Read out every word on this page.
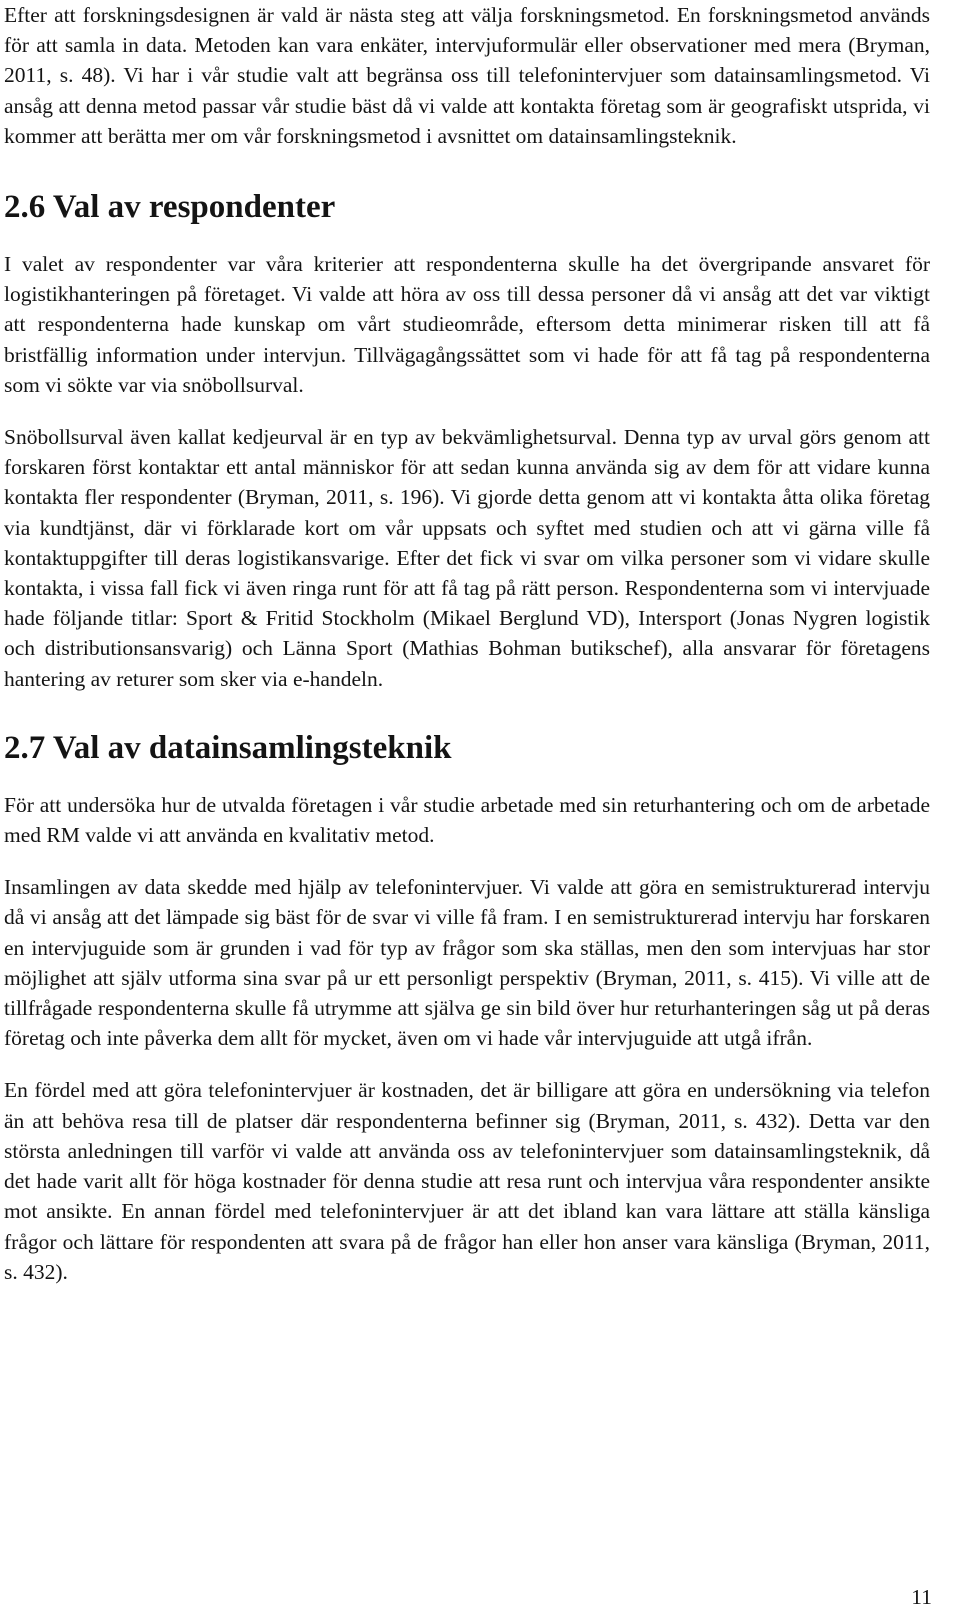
Efter att forskningsdesignen är vald är nästa steg att välja forskningsmetod. En forskningsmetod används för att samla in data. Metoden kan vara enkäter, intervjuformulär eller observationer med mera (Bryman, 2011, s. 48). Vi har i vår studie valt att begränsa oss till telefonintervjuer som datainsamlingsmetod. Vi ansåg att denna metod passar vår studie bäst då vi valde att kontakta företag som är geografiskt utsprida, vi kommer att berätta mer om vår forskningsmetod i avsnittet om datainsamlingsteknik.

2.6 Val av respondenter

I valet av respondenter var våra kriterier att respondenterna skulle ha det övergripande ansvaret för logistikhanteringen på företaget. Vi valde att höra av oss till dessa personer då vi ansåg att det var viktigt att respondenterna hade kunskap om vårt studieområde, eftersom detta minimerar risken till att få bristfällig information under intervjun. Tillvägagångssättet som vi hade för att få tag på respondenterna som vi sökte var via snöbollsurval.

Snöbollsurval även kallat kedjeurval är en typ av bekvämlighetsurval. Denna typ av urval görs genom att forskaren först kontaktar ett antal människor för att sedan kunna använda sig av dem för att vidare kunna kontakta fler respondenter (Bryman, 2011, s. 196). Vi gjorde detta genom att vi kontakta åtta olika företag via kundtjänst, där vi förklarade kort om vår uppsats och syftet med studien och att vi gärna ville få kontaktuppgifter till deras logistikansvarige. Efter det fick vi svar om vilka personer som vi vidare skulle kontakta, i vissa fall fick vi även ringa runt för att få tag på rätt person. Respondenterna som vi intervjuade hade följande titlar: Sport & Fritid Stockholm (Mikael Berglund VD), Intersport (Jonas Nygren logistik och distributionsansvarig) och Länna Sport (Mathias Bohman butikschef), alla ansvarar för företagens hantering av returer som sker via e-handeln.

2.7 Val av datainsamlingsteknik

För att undersöka hur de utvalda företagen i vår studie arbetade med sin returhantering och om de arbetade med RM valde vi att använda en kvalitativ metod.

Insamlingen av data skedde med hjälp av telefonintervjuer. Vi valde att göra en semistrukturerad intervju då vi ansåg att det lämpade sig bäst för de svar vi ville få fram. I en semistrukturerad intervju har forskaren en intervjuguide som är grunden i vad för typ av frågor som ska ställas, men den som intervjuas har stor möjlighet att själv utforma sina svar på ur ett personligt perspektiv (Bryman, 2011, s. 415). Vi ville att de tillfrågade respondenterna skulle få utrymme att själva ge sin bild över hur returhanteringen såg ut på deras företag och inte påverka dem allt för mycket, även om vi hade vår intervjuguide att utgå ifrån.

En fördel med att göra telefonintervjuer är kostnaden, det är billigare att göra en undersökning via telefon än att behöva resa till de platser där respondenterna befinner sig (Bryman, 2011, s. 432). Detta var den största anledningen till varför vi valde att använda oss av telefonintervjuer som datainsamlingsteknik, då det hade varit allt för höga kostnader för denna studie att resa runt och intervjua våra respondenter ansikte mot ansikte. En annan fördel med telefonintervjuer är att det ibland kan vara lättare att ställa känsliga frågor och lättare för respondenten att svara på de frågor han eller hon anser vara känsliga (Bryman, 2011, s. 432).

11
